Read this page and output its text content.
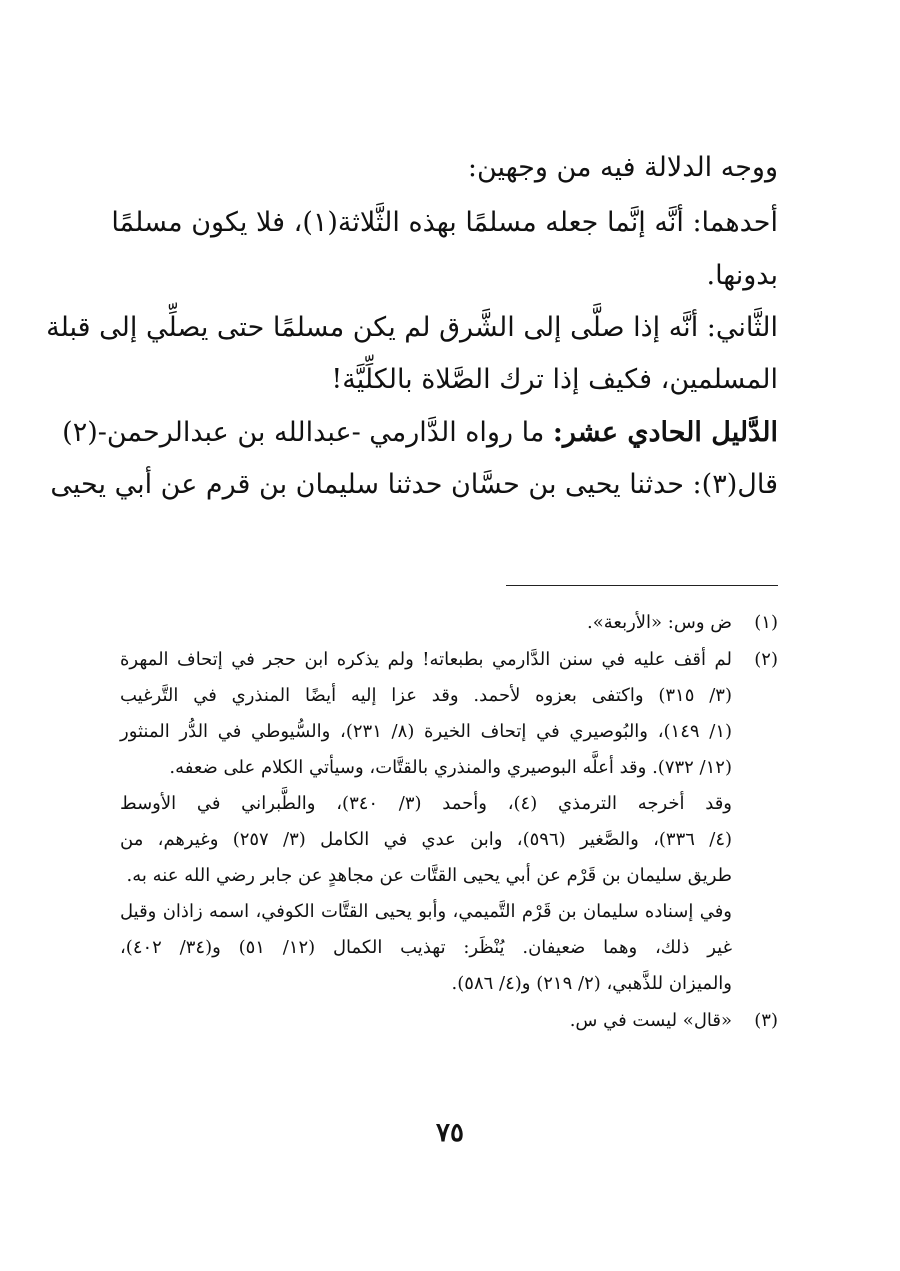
ووجه الدلالة فيه من وجهين:
أحدهما: أنَّه إنَّما جعله مسلمًا بهذه الثَّلاثة(١)، فلا يكون مسلمًا
بدونها.
الثَّاني: أنَّه إذا صلَّى إلى الشَّرق لم يكن مسلمًا حتى يصلِّي إلى قبلة
المسلمين، فكيف إذا ترك الصَّلاة بالكلِّيَّة!
الدَّليل الحادي عشر: ما رواه الدَّارمي -عبدالله بن عبدالرحمن-(٢)
قال(٣): حدثنا يحيى بن حسَّان حدثنا سليمان بن قرم عن أبي يحيى
(١)
ض وس: «الأربعة».
(٢)
لم أقف عليه في سنن الدَّارمي بطبعاته! ولم يذكره ابن حجر في إتحاف المهرة
(٣/ ٣١٥) واكتفى بعزوه لأحمد. وقد عزا إليه أيضًا المنذري في التَّرغيب
(١/ ١٤٩)، والبُوصيري في إتحاف الخيرة (٨/ ٢٣١)، والسُّيوطي في الدُّر المنثور
(١٢/ ٧٣٢). وقد أعلَّه البوصيري والمنذري بالقتَّات، وسيأتي الكلام على ضعفه.
وقد أخرجه الترمذي (٤)، وأحمد (٣/ ٣٤٠)، والطَّبراني في الأوسط
(٤/ ٣٣٦)، والصَّغير (٥٩٦)، وابن عدي في الكامل (٣/ ٢٥٧) وغيرهم، من
طريق سليمان بن قَرْم عن أبي يحيى القتَّات عن مجاهدٍ عن جابر رضي الله عنه به.
وفي إسناده سليمان بن قَرْم التَّميمي، وأبو يحيى القتَّات الكوفي، اسمه زاذان وقيل
غير ذلك، وهما ضعيفان. يُنْظَر: تهذيب الكمال (١٢/ ٥١) و(٣٤/ ٤٠٢)،
والميزان للذَّهبي، (٢/ ٢١٩) و(٤/ ٥٨٦).
(٣)
«قال» ليست في س.
٧٥
